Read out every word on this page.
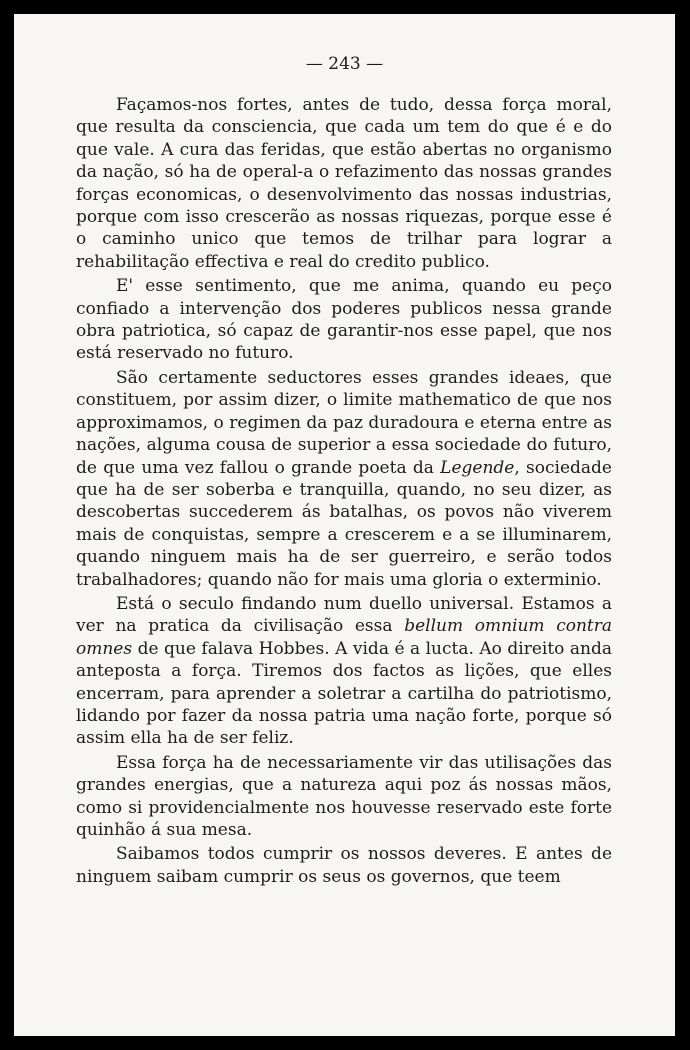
— 243 —

Façamos-nos fortes, antes de tudo, dessa força moral, que resulta da consciencia, que cada um tem do que é e do que vale. A cura das feridas, que estão abertas no organismo da nação, só ha de operal-a o refazimento das nossas grandes forças economicas, o desenvolvimento das nossas industrias, porque com isso crescerão as nossas riquezas, porque esse é o caminho unico que temos de trilhar para lograr a rehabilitação effectiva e real do credito publico.

E' esse sentimento, que me anima, quando eu peço confiado a intervenção dos poderes publicos nessa grande obra patriotica, só capaz de garantir-nos esse papel, que nos está reservado no futuro.

São certamente seductores esses grandes ideaes, que constituem, por assim dizer, o limite mathematico de que nos approximamos, o regimen da paz duradoura e eterna entre as nações, alguma cousa de superior a essa sociedade do futuro, de que uma vez fallou o grande poeta da Legende, sociedade que ha de ser soberba e tranquilla, quando, no seu dizer, as descobertas succederem ás batalhas, os povos não viverem mais de conquistas, sempre a crescerem e a se illuminarem, quando ninguem mais ha de ser guerreiro, e serão todos trabalhadores; quando não for mais uma gloria o exterminio.

Está o seculo findando num duello universal. Estamos a ver na pratica da civilisação essa bellum omnium contra omnes de que falava Hobbes. A vida é a lucta. Ao direito anda anteposta a força. Tiremos dos factos as lições, que elles encerram, para aprender a soletrar a cartilha do patriotismo, lidando por fazer da nossa patria uma nação forte, porque só assim ella ha de ser feliz.

Essa força ha de necessariamente vir das utilisações das grandes energias, que a natureza aqui poz ás nossas mãos, como si providencialmente nos houvesse reservado este forte quinhão á sua mesa.

Saibamos todos cumprir os nossos deveres. E antes de ninguem saibam cumprir os seus os governos, que teem
